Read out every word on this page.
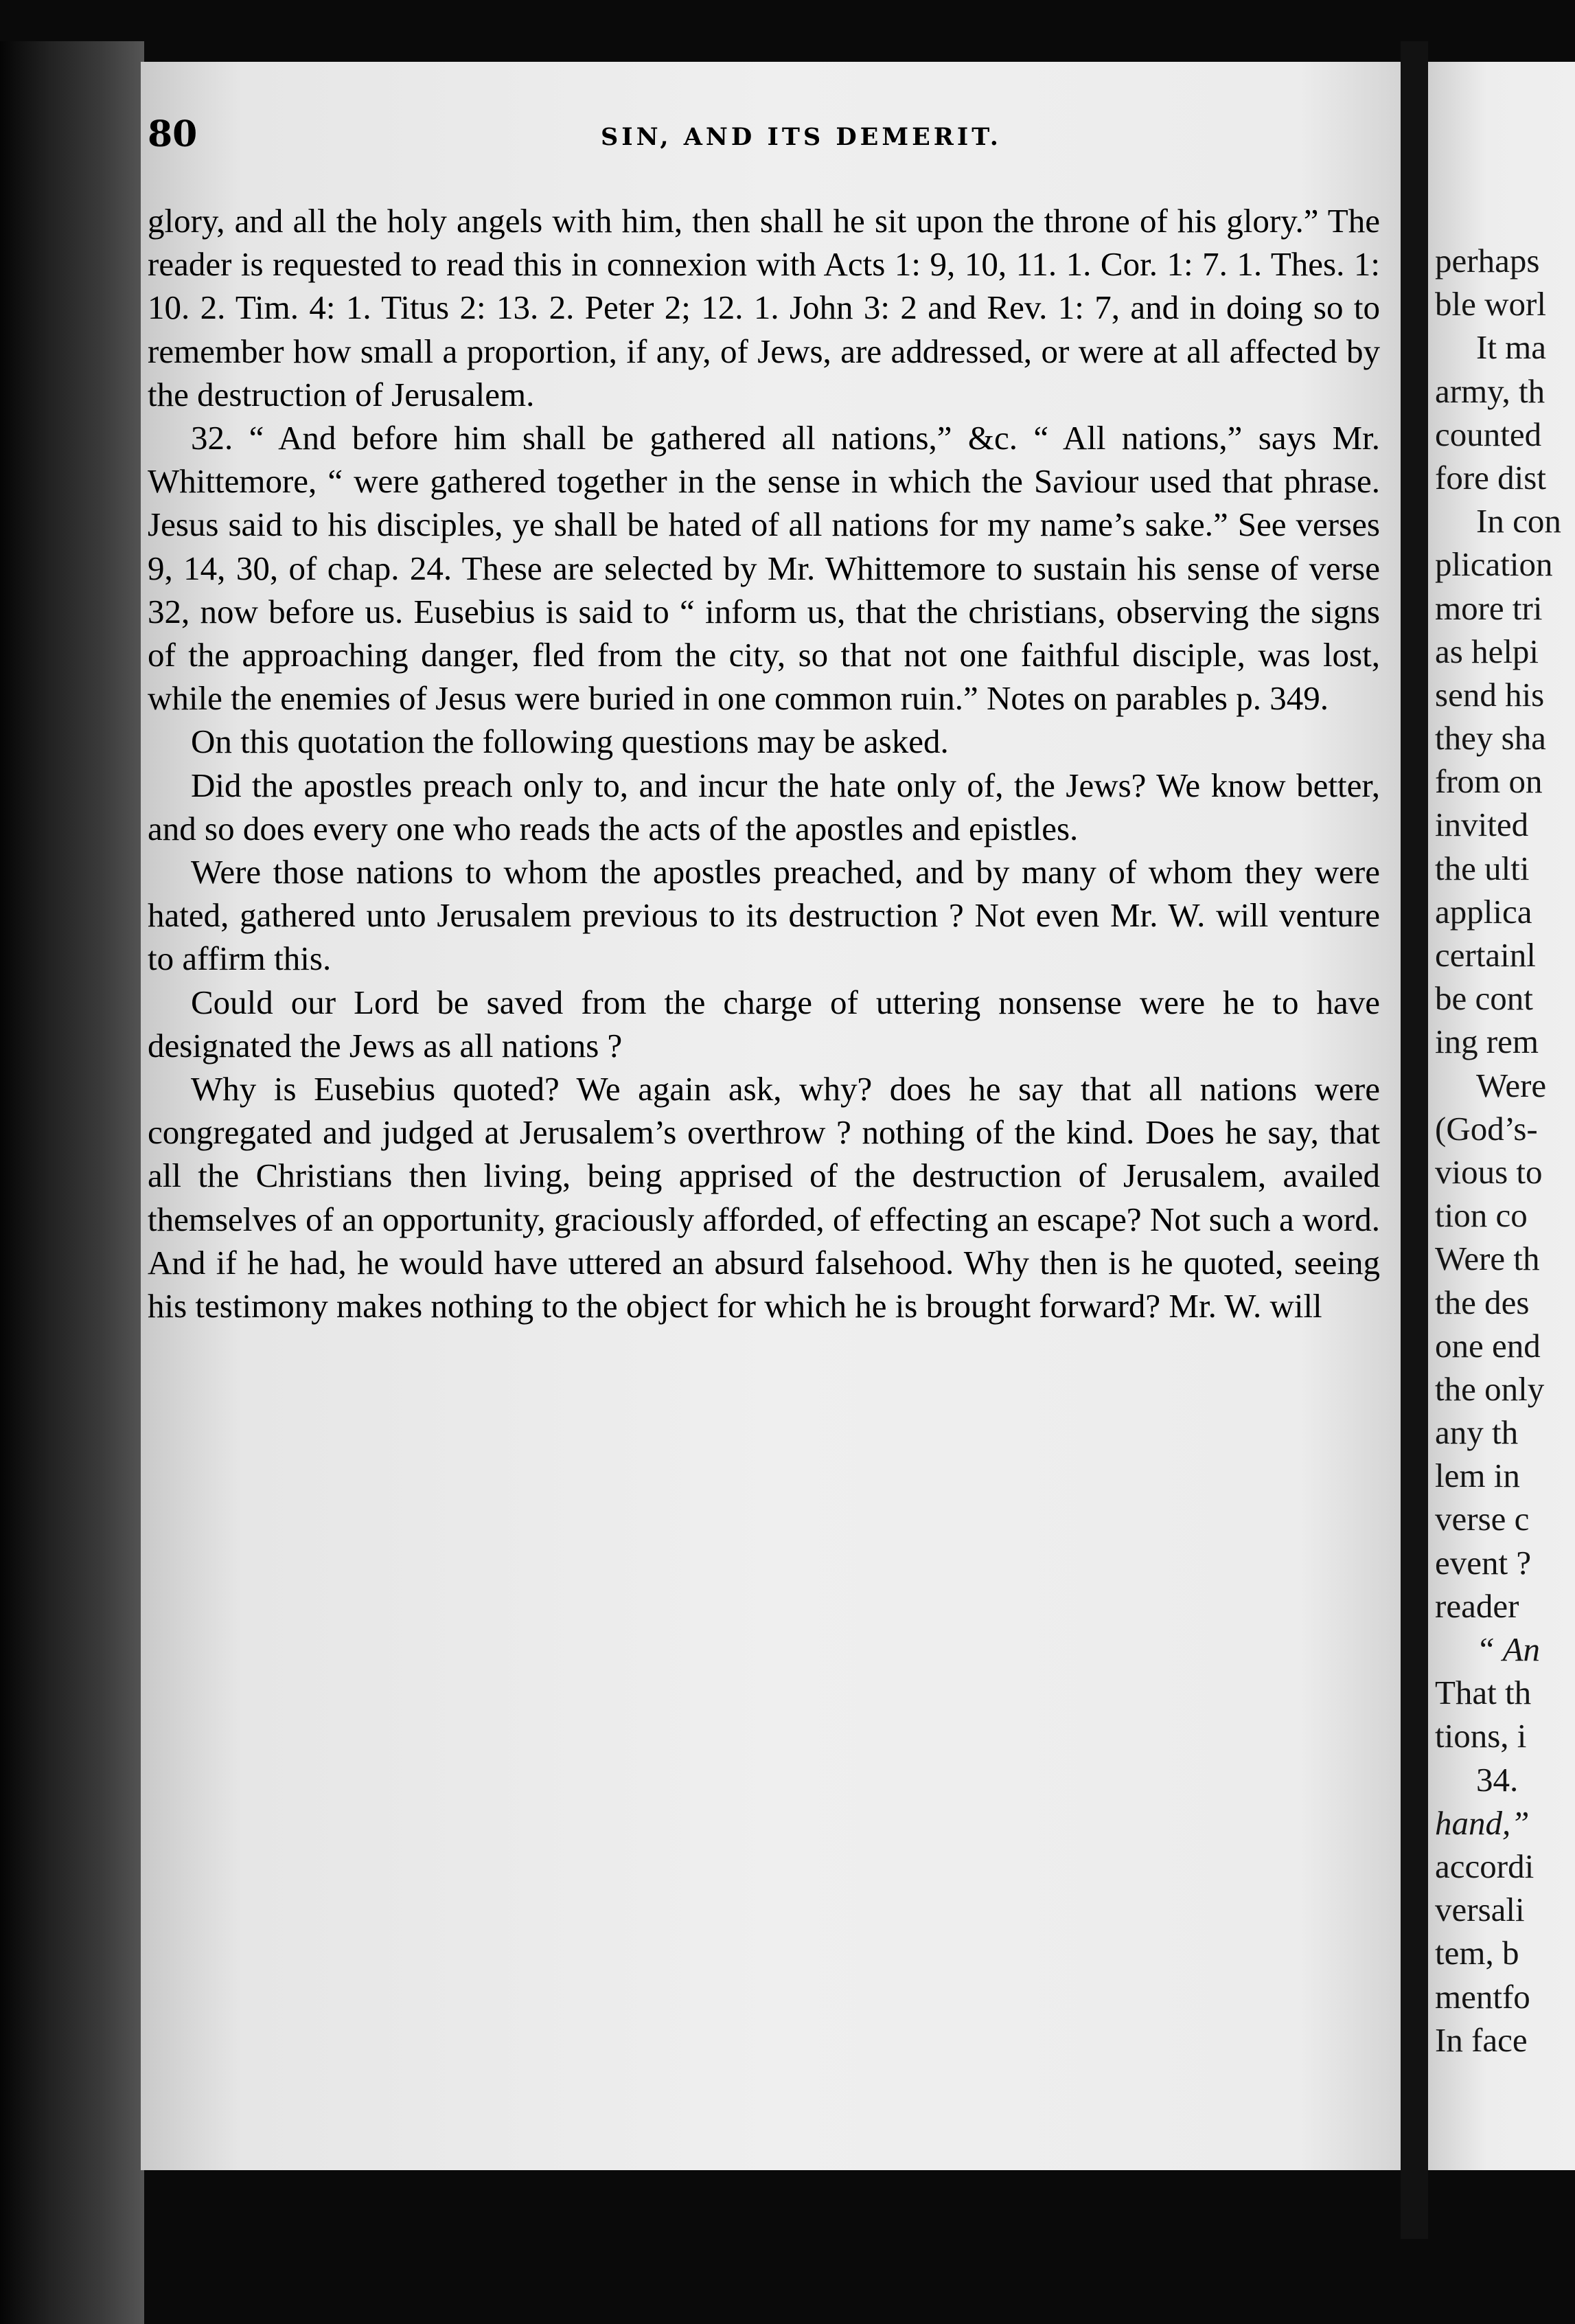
perhaps
ble worl
It ma
army, th
counted
fore dist
In con
plication
more tri
as helpi
send his
they sha
from on
invited
the ulti
applica
certainl
be cont
ing rem
Were
(God’s-
vious to
tion co
Were th
the des
one end
the only
any th
lem in
verse c
event ?
reader
“ An
That th
tions, i
34.
hand,”
accordi
versali
tem, b
mentfo
In face
80	SIN, AND ITS DEMERIT.

glory, and all the holy angels with him, then shall he sit upon the throne of his glory.” The reader is requested to read this in connexion with Acts 1: 9, 10, 11. 1. Cor. 1: 7. 1. Thes. 1: 10. 2. Tim. 4: 1. Titus 2: 13. 2. Peter 2; 12. 1. John 3: 2 and Rev. 1: 7, and in doing so to remember how small a proportion, if any, of Jews, are addressed, or were at all affected by the destruction of Jerusalem.

32. “ And before him shall be gathered all nations,” &c. “ All nations,” says Mr. Whittemore, “ were gathered together in the sense in which the Saviour used that phrase. Jesus said to his disciples, ye shall be hated of all nations for my name’s sake.” See verses 9, 14, 30, of chap. 24. These are selected by Mr. Whittemore to sustain his sense of verse 32, now before us. Eusebius is said to “ inform us, that the christians, observing the signs of the approaching danger, fled from the city, so that not one faithful disciple, was lost, while the enemies of Jesus were buried in one common ruin.” Notes on parables p. 349.

On this quotation the following questions may be asked.

Did the apostles preach only to, and incur the hate only of, the Jews? We know better, and so does every one who reads the acts of the apostles and epistles.

Were those nations to whom the apostles preached, and by many of whom they were hated, gathered unto Jerusalem previous to its destruction ? Not even Mr. W. will venture to affirm this.

Could our Lord be saved from the charge of uttering nonsense were he to have designated the Jews as all nations ?

Why is Eusebius quoted? We again ask, why? does he say that all nations were congregated and judged at Jerusalem’s overthrow ? nothing of the kind. Does he say, that all the Christians then living, being apprised of the destruction of Jerusalem, availed themselves of an opportunity, graciously afforded, of effecting an escape? Not such a word. And if he had, he would have uttered an absurd falsehood. Why then is he quoted, seeing his testimony makes nothing to the object for which he is brought forward? Mr. W. will
